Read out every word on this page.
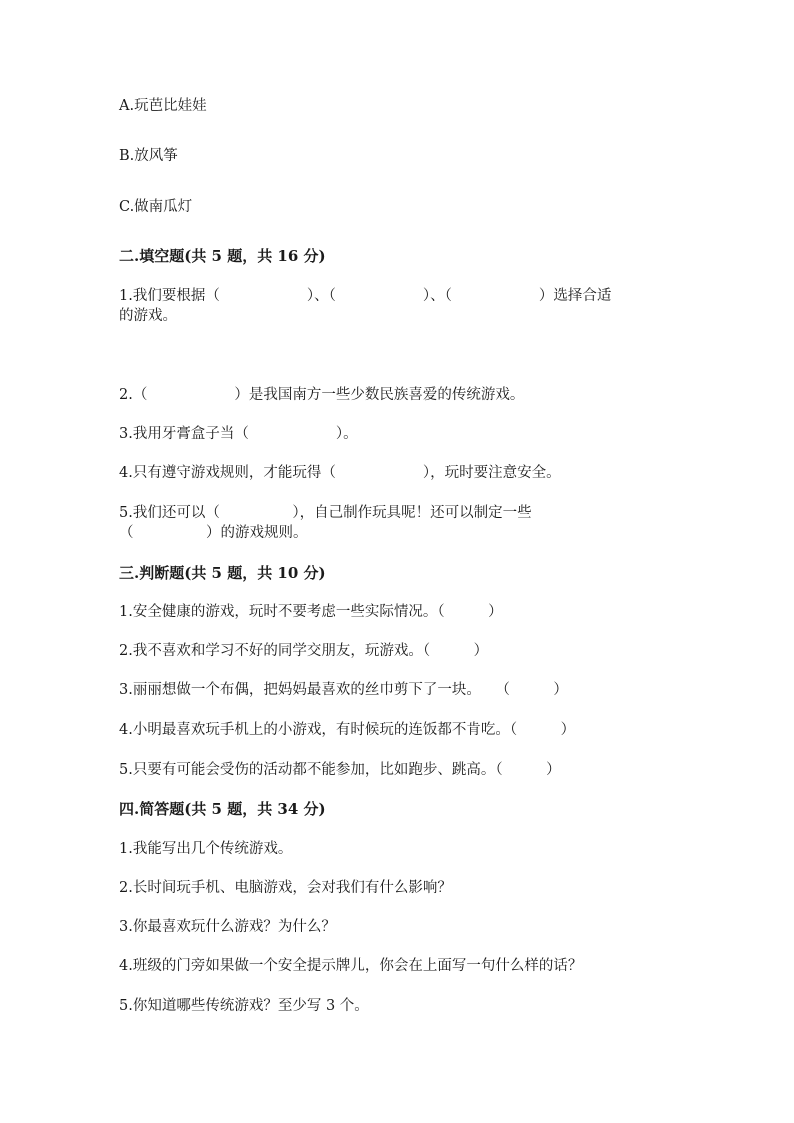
A.玩芭比娃娃
B.放风筝
C.做南瓜灯
二.填空题(共 5 题，共 16 分)
1.我们要根据（　　　　　　）、（　　　　　　）、（　　　　　　）选择合适
的游戏。
2.（　　　　　　）是我国南方一些少数民族喜爱的传统游戏。
3.我用牙膏盒子当（　　　　　　）。
4.只有遵守游戏规则，才能玩得（　　　　　　），玩时要注意安全。
5.我们还可以（　　　　　），自己制作玩具呢！还可以制定一些
（　　　　　）的游戏规则。
三.判断题(共 5 题，共 10 分)
1.安全健康的游戏，玩时不要考虑一些实际情况。（　　　）
2.我不喜欢和学习不好的同学交朋友，玩游戏。（　　　）
3.丽丽想做一个布偶，把妈妈最喜欢的丝巾剪下了一块。　　（　　　）
4.小明最喜欢玩手机上的小游戏，有时候玩的连饭都不肯吃。（　　　）
5.只要有可能会受伤的活动都不能参加，比如跑步、跳高。（　　　）
四.简答题(共 5 题，共 34 分)
1.我能写出几个传统游戏。
2.长时间玩手机、电脑游戏，会对我们有什么影响？
3.你最喜欢玩什么游戏？为什么？
4.班级的门旁如果做一个安全提示牌儿，你会在上面写一句什么样的话？
5.你知道哪些传统游戏？至少写 3 个。
